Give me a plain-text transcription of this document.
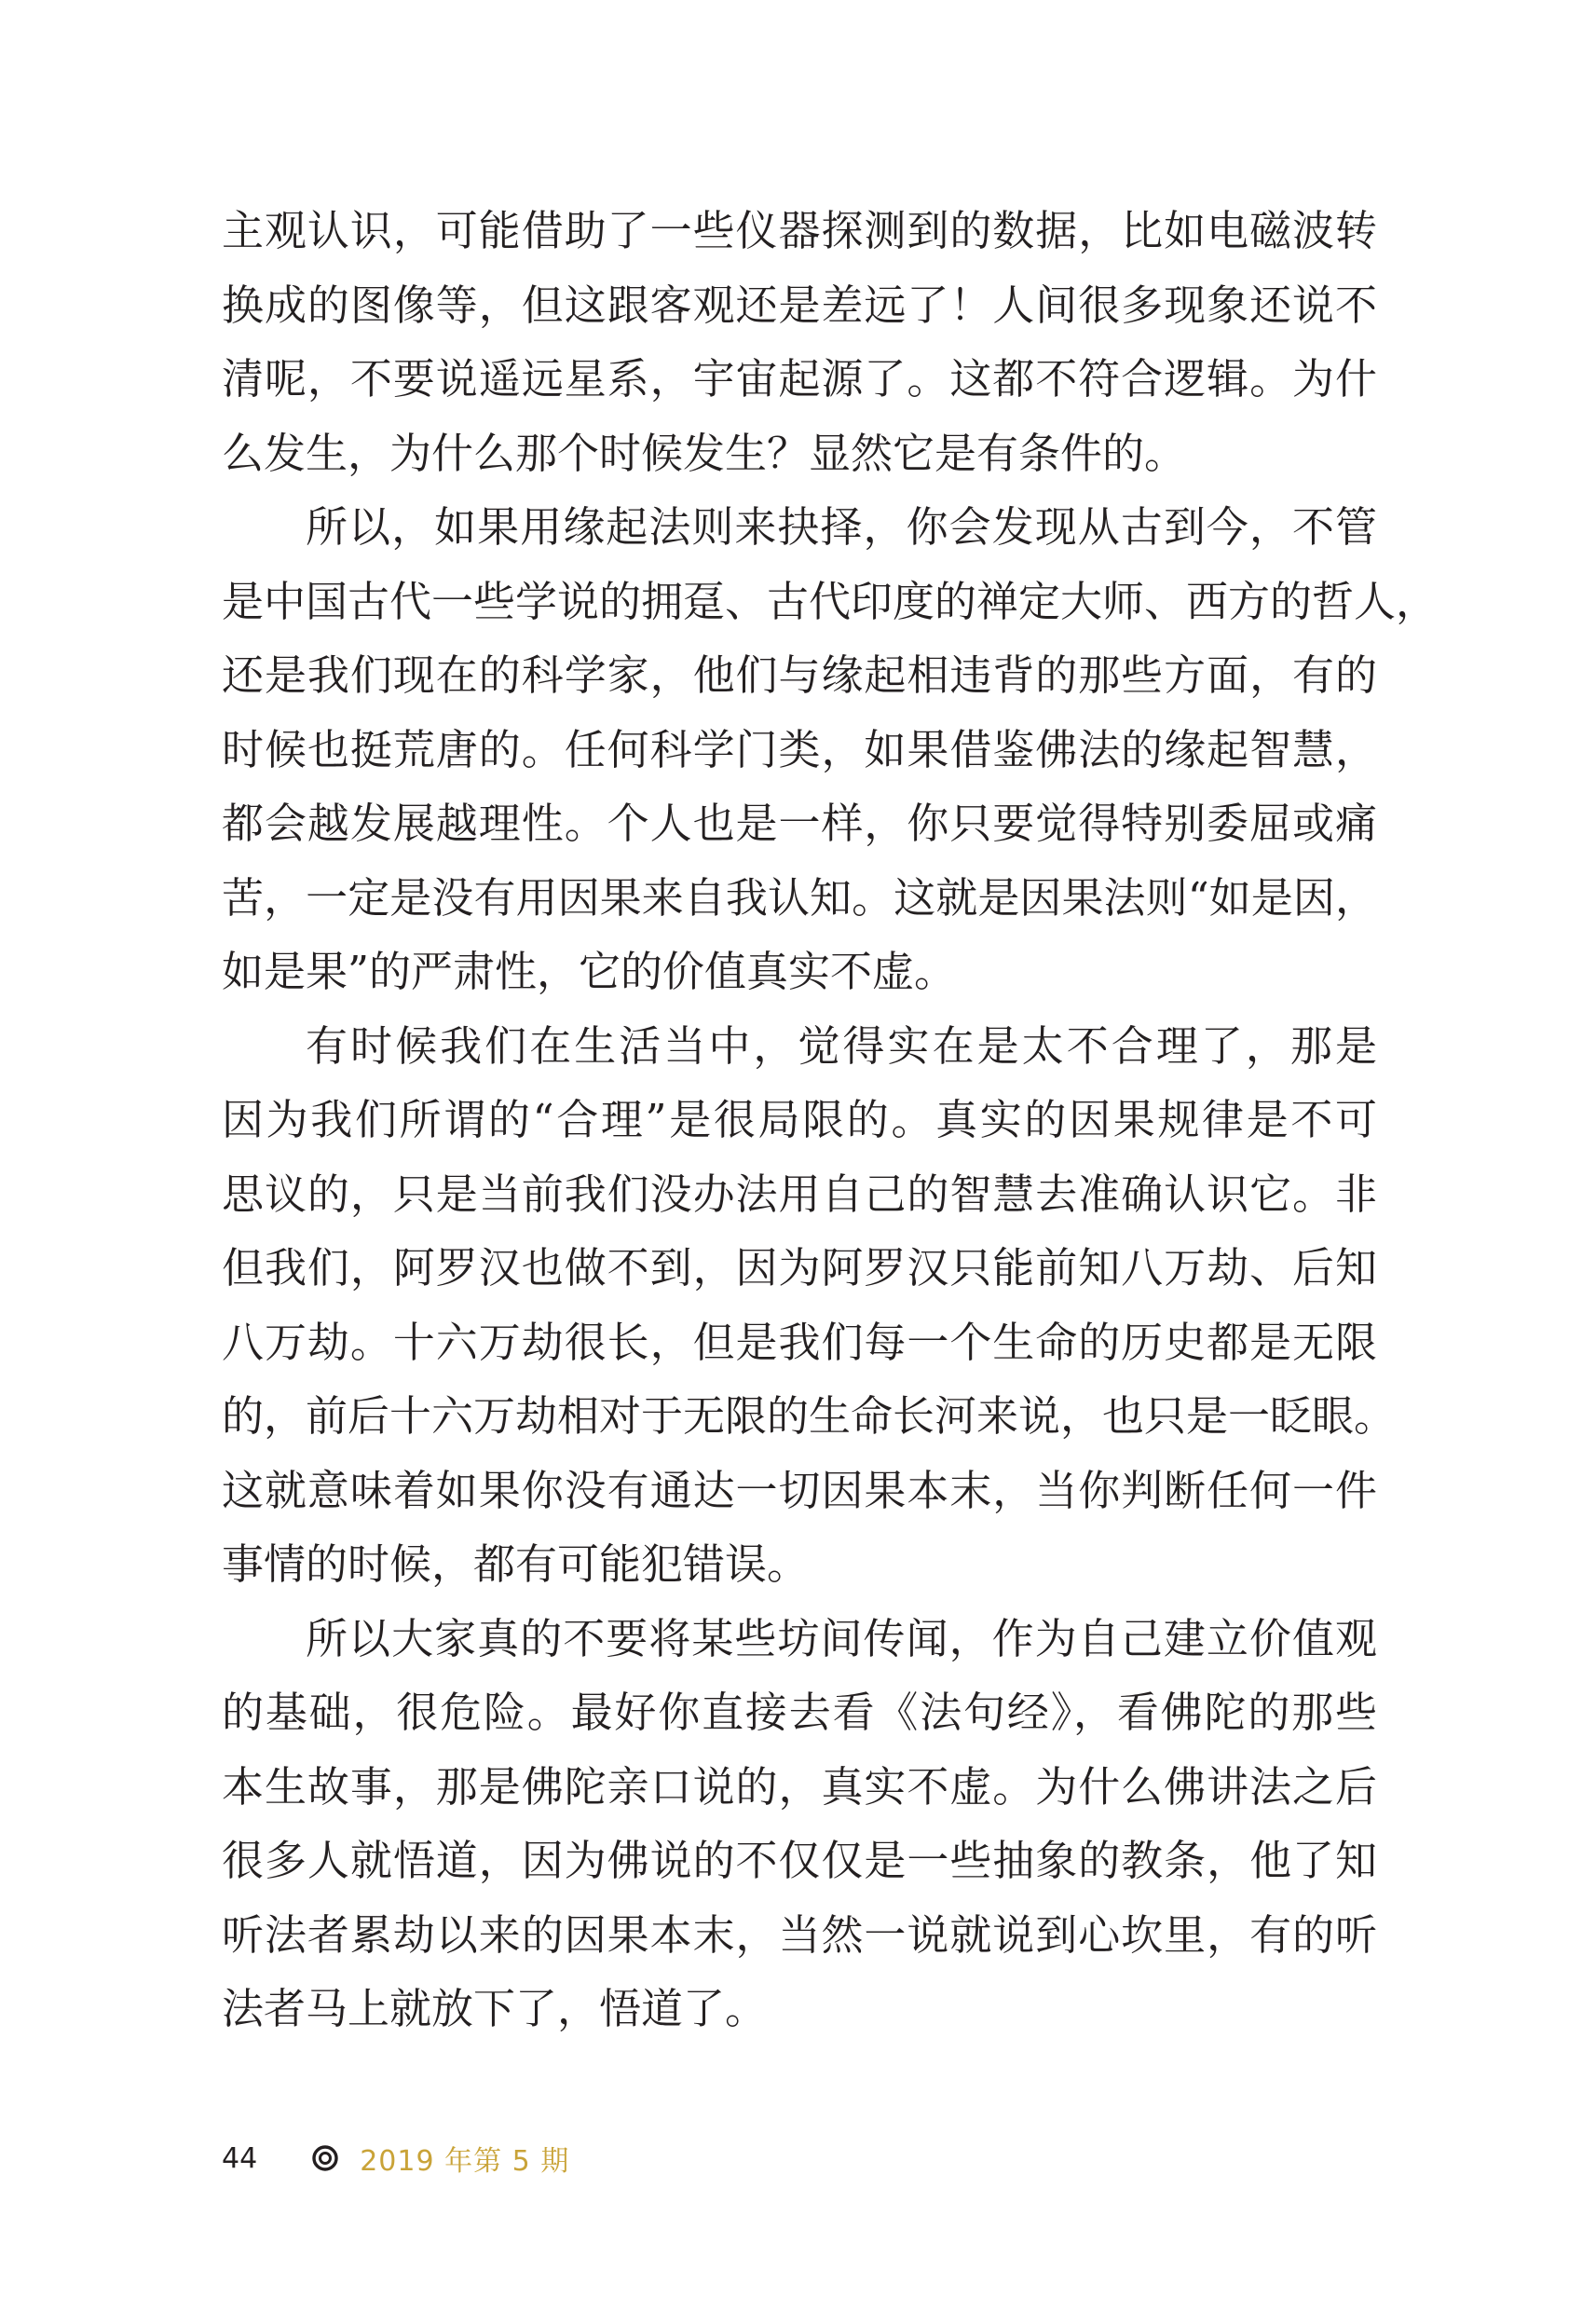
主观认识，可能借助了一些仪器探测到的数据，比如电磁波转
换成的图像等，但这跟客观还是差远了！人间很多现象还说不
清呢，不要说遥远星系，宇宙起源了。这都不符合逻辑。为什
么发生，为什么那个时候发生？显然它是有条件的。
所以，如果用缘起法则来抉择，你会发现从古到今，不管
是中国古代一些学说的拥趸、古代印度的禅定大师、西方的哲人，
还是我们现在的科学家，他们与缘起相违背的那些方面，有的
时候也挺荒唐的。任何科学门类，如果借鉴佛法的缘起智慧，
都会越发展越理性。个人也是一样，你只要觉得特别委屈或痛
苦，一定是没有用因果来自我认知。这就是因果法则“如是因，
如是果”的严肃性，它的价值真实不虚。
有时候我们在生活当中，觉得实在是太不合理了，那是
因为我们所谓的“合理”是很局限的。真实的因果规律是不可
思议的，只是当前我们没办法用自己的智慧去准确认识它。非
但我们，阿罗汉也做不到，因为阿罗汉只能前知八万劫、后知
八万劫。十六万劫很长，但是我们每一个生命的历史都是无限
的，前后十六万劫相对于无限的生命长河来说，也只是一眨眼。
这就意味着如果你没有通达一切因果本末，当你判断任何一件
事情的时候，都有可能犯错误。
所以大家真的不要将某些坊间传闻，作为自己建立价值观
的基础，很危险。最好你直接去看《法句经》，看佛陀的那些
本生故事，那是佛陀亲口说的，真实不虚。为什么佛讲法之后
很多人就悟道，因为佛说的不仅仅是一些抽象的教条，他了知
听法者累劫以来的因果本末，当然一说就说到心坎里，有的听
法者马上就放下了，悟道了。
44	2019 年第 5 期
